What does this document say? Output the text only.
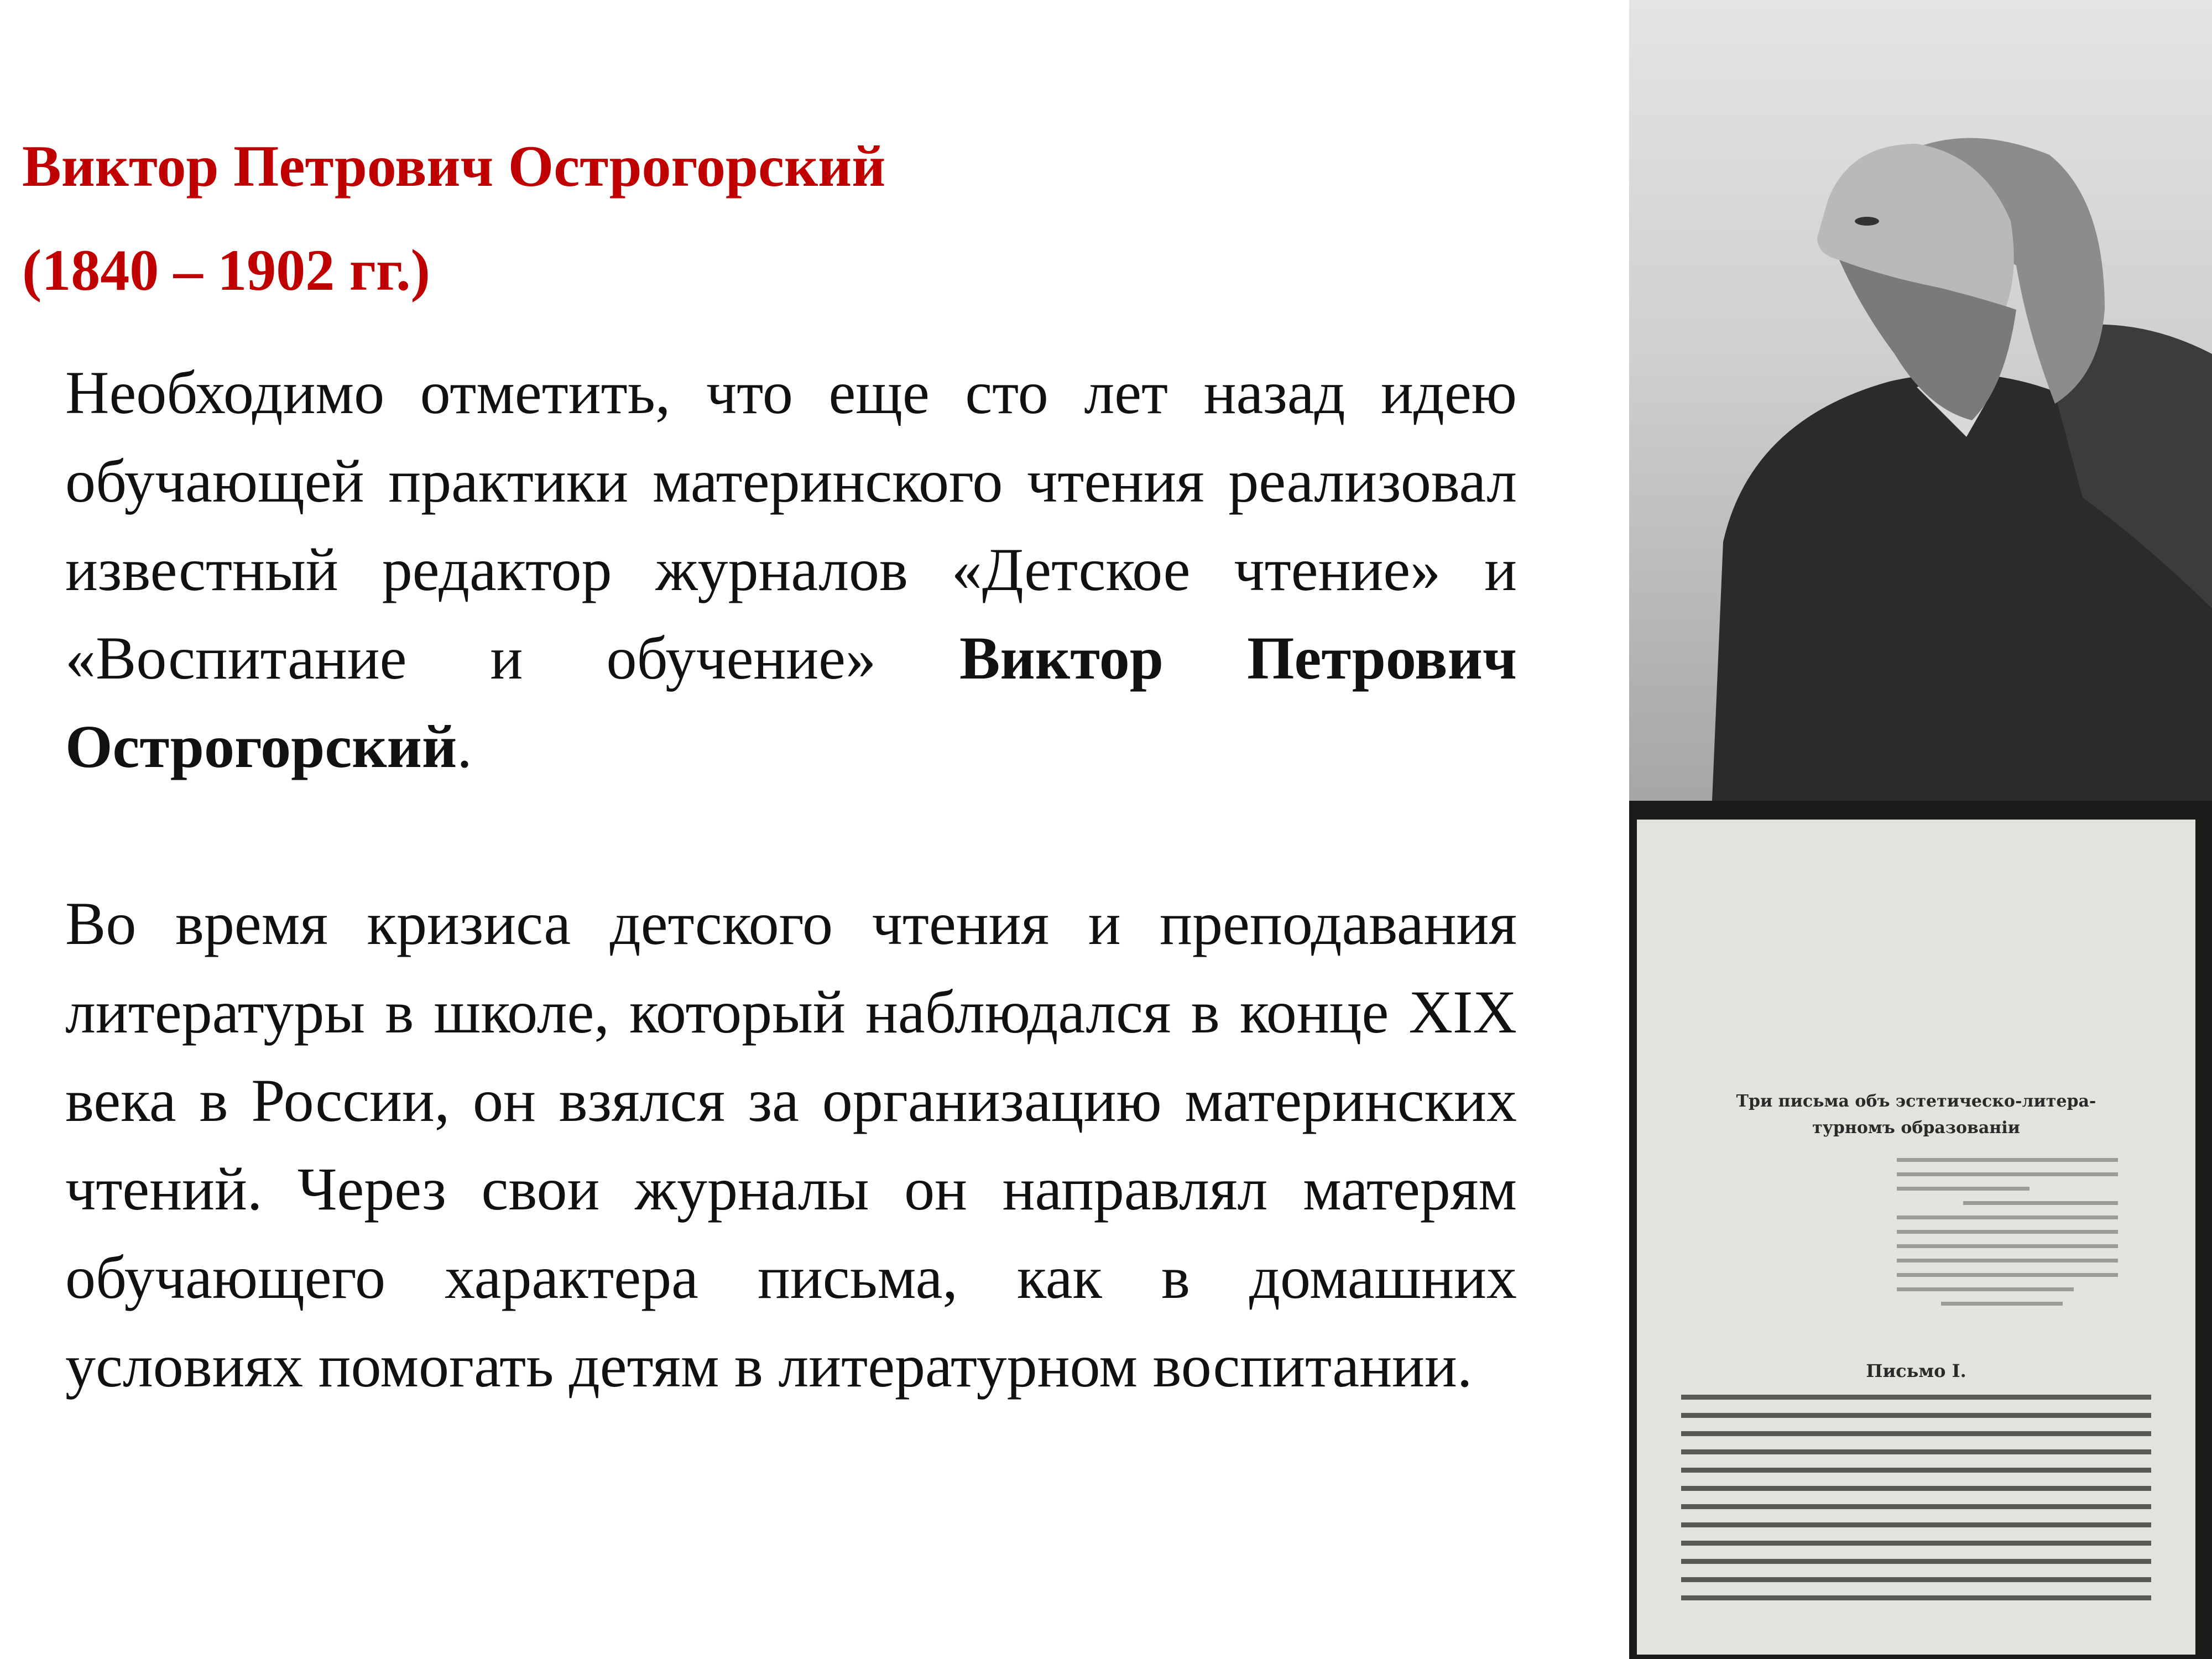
Виктор Петрович Острогорский
(1840 – 1902 гг.)

Необходимо отметить, что еще сто лет назад идею обучающей практики материнского чтения реализовал известный редактор журналов «Детское чтение» и «Воспитание и обучение» Виктор Петрович Острогорский.

Во время кризиса детского чтения и преподавания литературы в школе, который наблюдался в конце XIX века в России, он взялся за организацию материнских чтений. Через свои журналы он направлял матерям обучающего характера письма, как в домашних условиях помогать детям в литературном воспитании.

Три письма объ эстетическо-литера-
турномъ образованіи
Письмо I.
